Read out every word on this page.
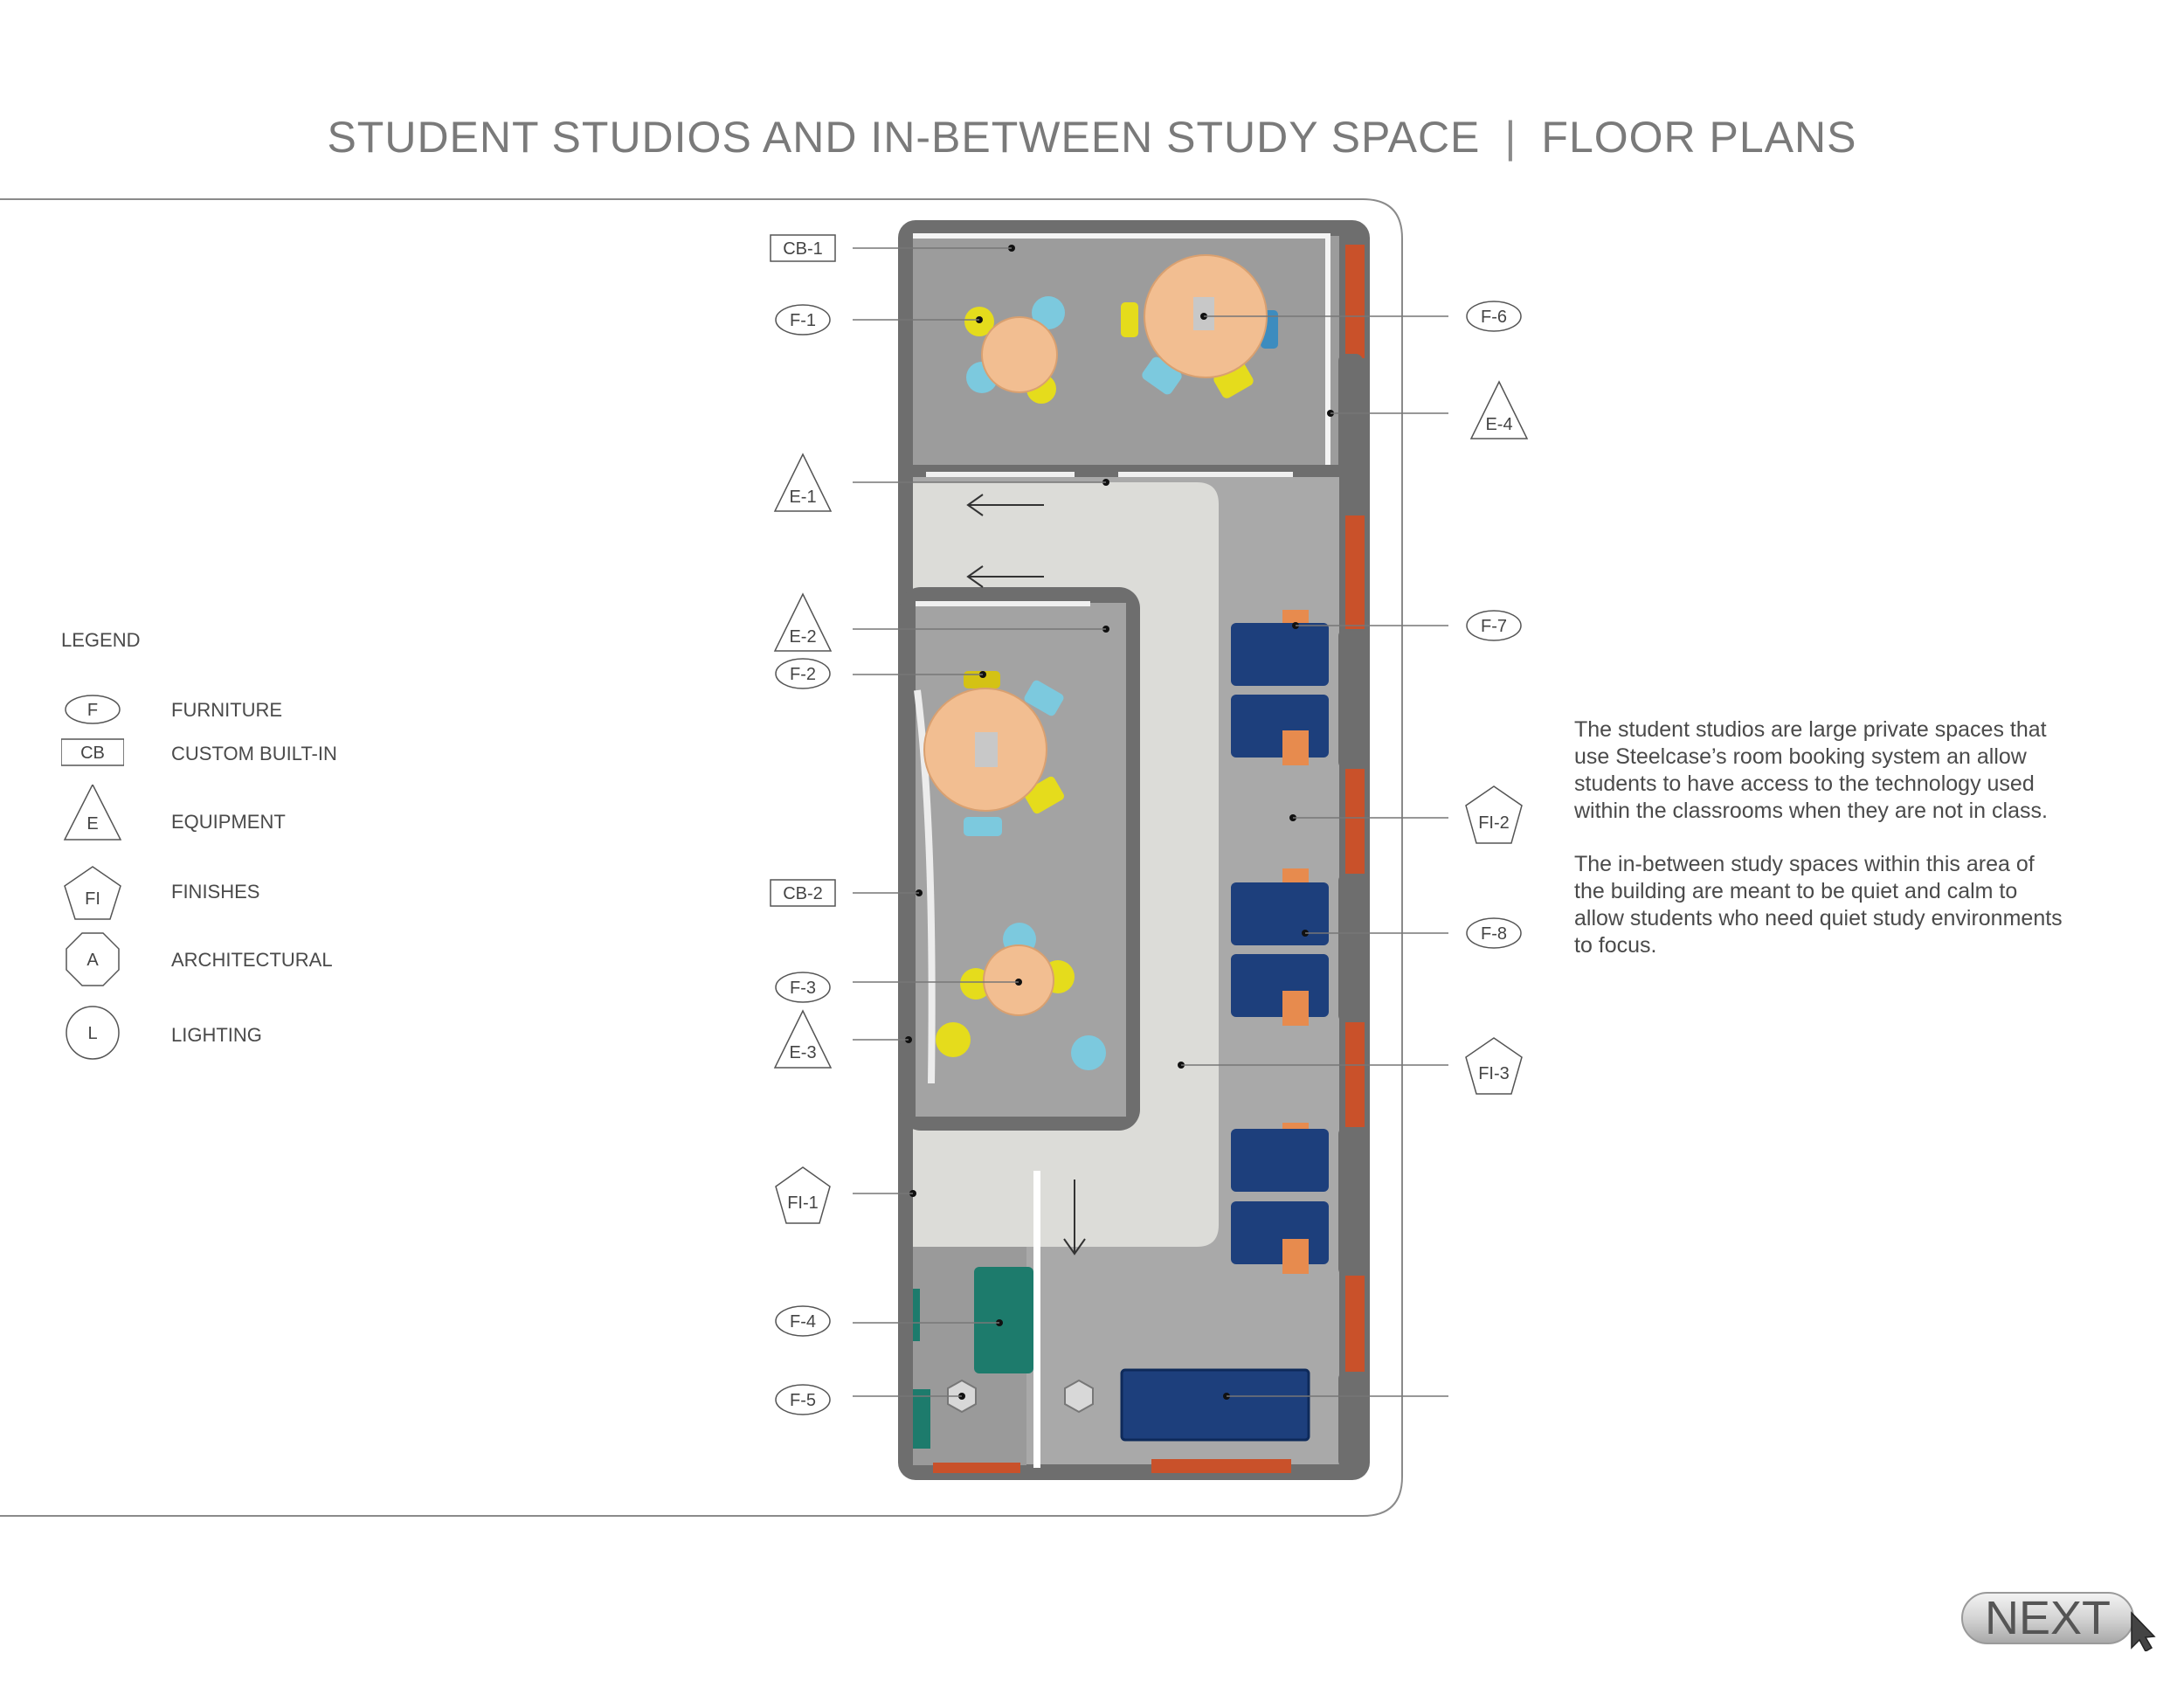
STUDENT STUDIOS AND IN-BETWEEN STUDY SPACE | FLOOR PLANS
CB-1
F-1
E-1
E-2
F-2
CB-2
F-3
E-3
FI-1
F-4
F-5
F-6
E-4
F-7
FI-2
F-8
FI-3
LEGEND
F	FURNITURE
CB	CUSTOM BUILT-IN
E	EQUIPMENT
FI	FINISHES
A	ARCHITECTURAL
L	LIGHTING

The student studios are large private spaces that use Steelcase’s room booking system an allow students to have access to the technology used within the classrooms when they are not in class.

The in-between study spaces within this area of the building are meant to be quiet and calm to allow students who need quiet study environments to focus.

NEXT
